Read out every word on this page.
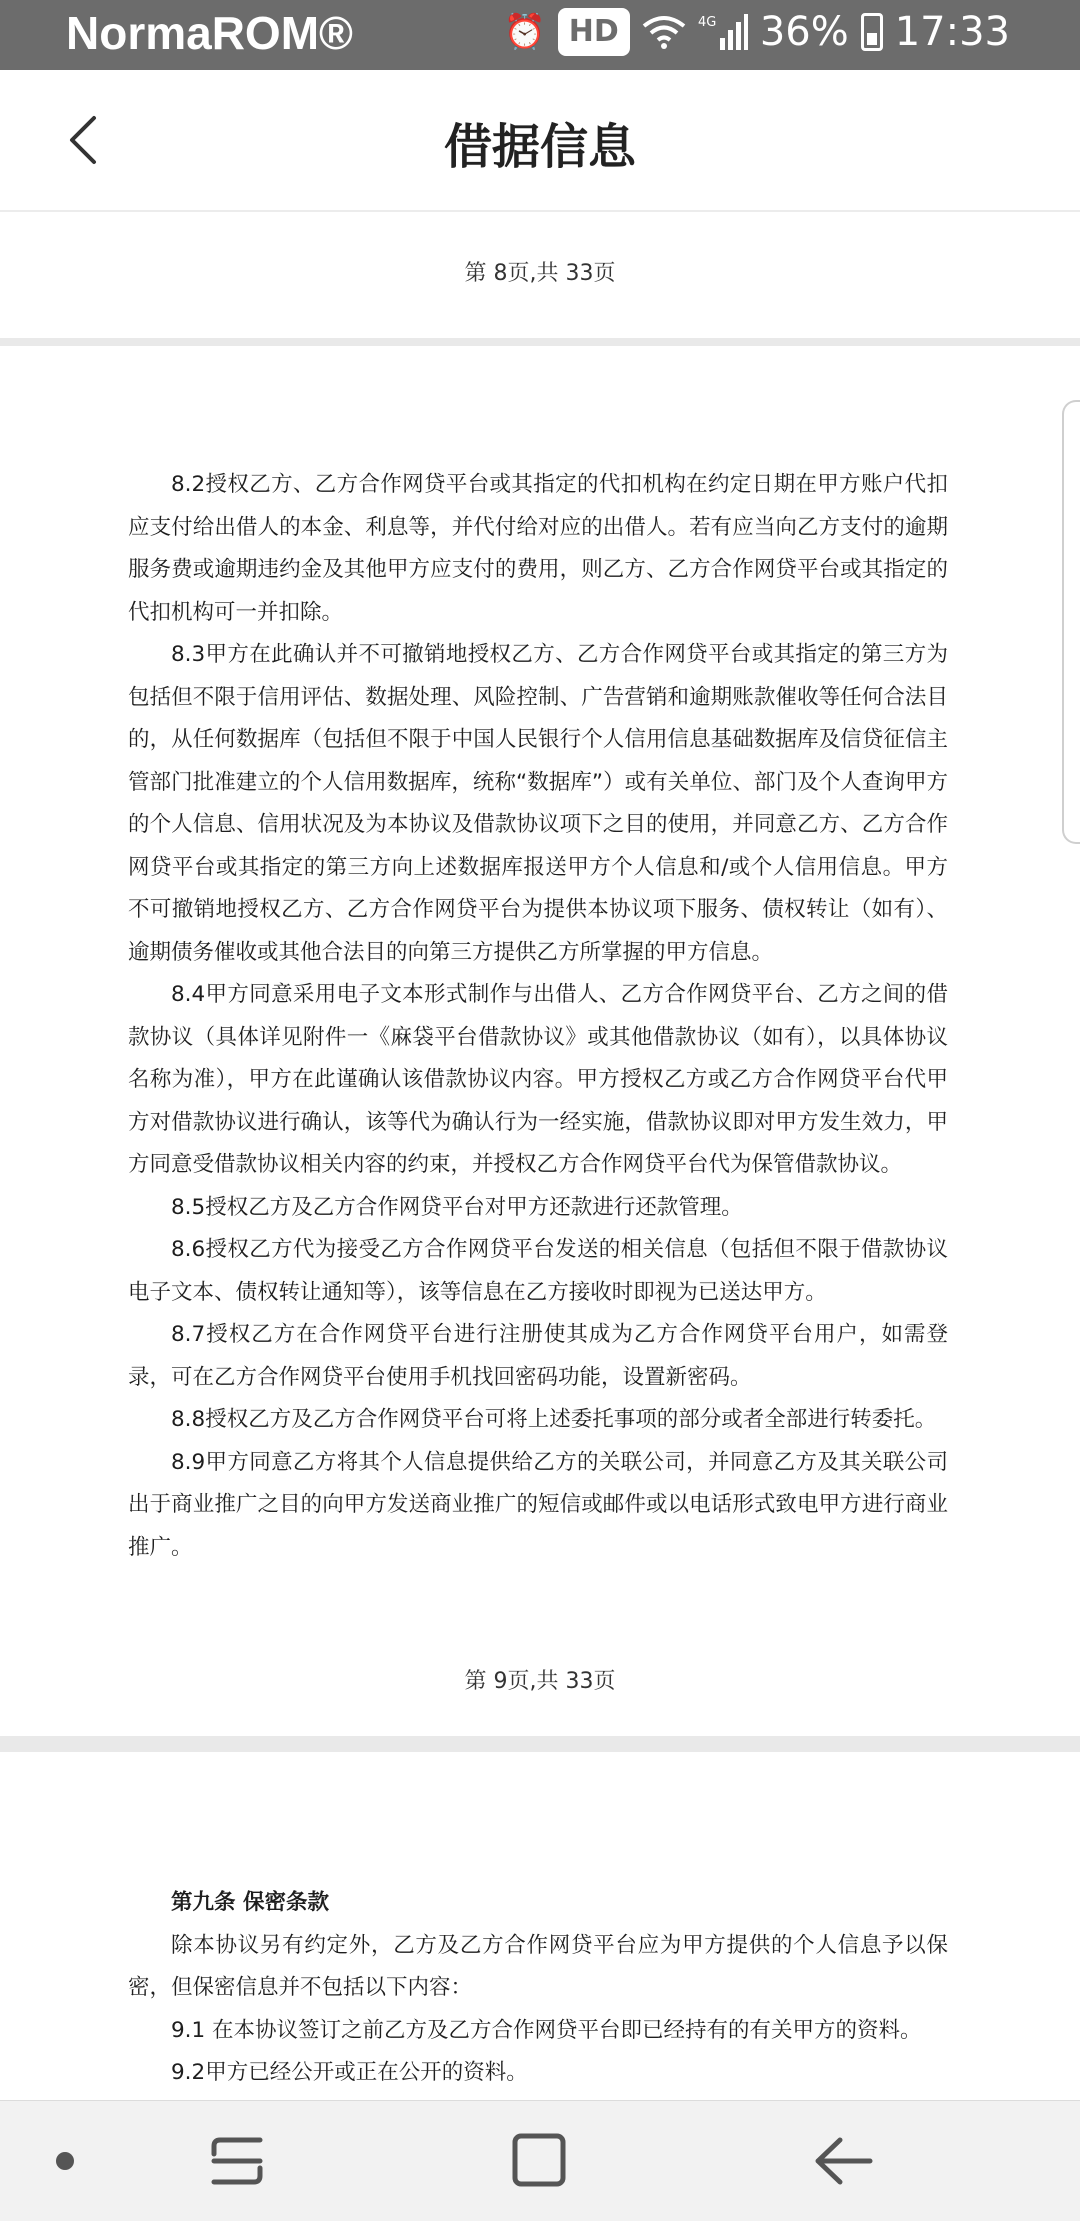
NormaROM®	⏰ HD	4G 36% 17:33
借据信息
第 8页,共 33页

8.2授权乙方、乙方合作网贷平台或其指定的代扣机构在约定日期在甲方账户代扣应支付给出借人的本金、利息等，并代付给对应的出借人。若有应当向乙方支付的逾期服务费或逾期违约金及其他甲方应支付的费用，则乙方、乙方合作网贷平台或其指定的代扣机构可一并扣除。

8.3甲方在此确认并不可撤销地授权乙方、乙方合作网贷平台或其指定的第三方为包括但不限于信用评估、数据处理、风险控制、广告营销和逾期账款催收等任何合法目的，从任何数据库（包括但不限于中国人民银行个人信用信息基础数据库及信贷征信主管部门批准建立的个人信用数据库，统称“数据库”）或有关单位、部门及个人查询甲方的个人信息、信用状况及为本协议及借款协议项下之目的使用，并同意乙方、乙方合作网贷平台或其指定的第三方向上述数据库报送甲方个人信息和/或个人信用信息。甲方不可撤销地授权乙方、乙方合作网贷平台为提供本协议项下服务、债权转让（如有）、逾期债务催收或其他合法目的向第三方提供乙方所掌握的甲方信息。

8.4甲方同意采用电子文本形式制作与出借人、乙方合作网贷平台、乙方之间的借款协议（具体详见附件一《麻袋平台借款协议》或其他借款协议（如有），以具体协议名称为准），甲方在此谨确认该借款协议内容。甲方授权乙方或乙方合作网贷平台代甲方对借款协议进行确认，该等代为确认行为一经实施，借款协议即对甲方发生效力，甲方同意受借款协议相关内容的约束，并授权乙方合作网贷平台代为保管借款协议。

8.5授权乙方及乙方合作网贷平台对甲方还款进行还款管理。

8.6授权乙方代为接受乙方合作网贷平台发送的相关信息（包括但不限于借款协议电子文本、债权转让通知等），该等信息在乙方接收时即视为已送达甲方。

8.7授权乙方在合作网贷平台进行注册使其成为乙方合作网贷平台用户，如需登录，可在乙方合作网贷平台使用手机找回密码功能，设置新密码。

8.8授权乙方及乙方合作网贷平台可将上述委托事项的部分或者全部进行转委托。

8.9甲方同意乙方将其个人信息提供给乙方的关联公司，并同意乙方及其关联公司出于商业推广之目的向甲方发送商业推广的短信或邮件或以电话形式致电甲方进行商业推广。

第 9页,共 33页

第九条 保密条款

除本协议另有约定外，乙方及乙方合作网贷平台应为甲方提供的个人信息予以保密，但保密信息并不包括以下内容：

9.1 在本协议签订之前乙方及乙方合作网贷平台即已经持有的有关甲方的资料。

9.2甲方已经公开或正在公开的资料。
